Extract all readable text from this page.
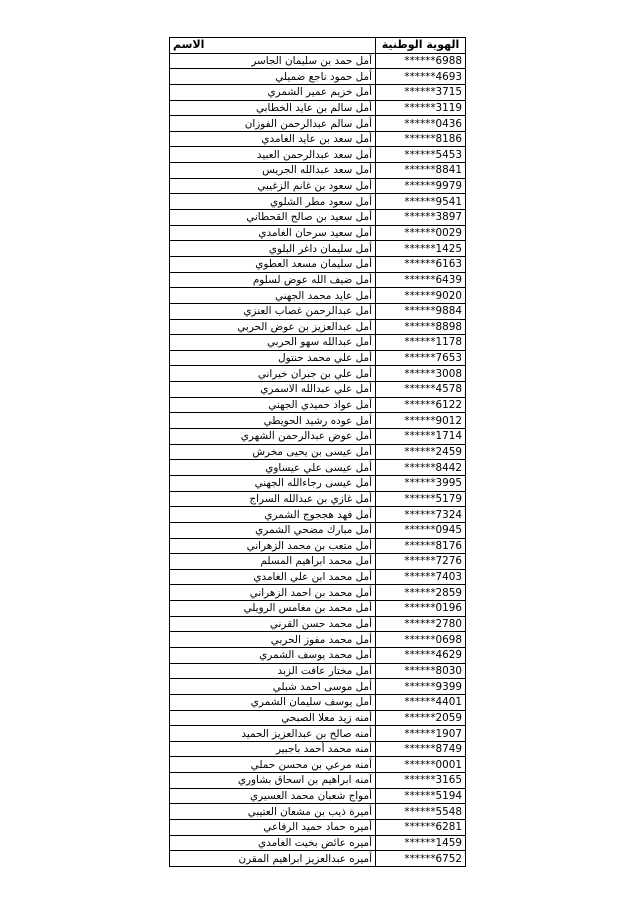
الهوية الوطنية	الاسم
******6988	أمل حمد بن سليمان الجاسر
******4693	أمل حمود ناجع ضميلي
******3715	أمل خزيم عمير الشمري
******3119	أمل سالم بن عايد الخطابي
******0436	أمل سالم عبدالرحمن الفوزان
******8186	أمل سعد بن عايد الغامدي
******5453	أمل سعد عبدالرحمن العبيد
******8841	أمل سعد عبدالله الجريس
******9979	أمل سعود بن غانم الزغيبي
******9541	أمل سعود مطر الشلوي
******3897	أمل سعيد بن صالح القحطاني
******0029	أمل سعيد سرحان الغامدي
******1425	أمل سليمان داغر البلوي
******6163	أمل سليمان مسعد العطوي
******6439	أمل ضيف الله عوض لسلوم
******9020	أمل عايد محمد الجهني
******9884	أمل عبدالرحمن غصاب العنزي
******8898	أمل عبدالعزيز بن عوض الحربي
******1178	أمل عبدالله سهو الحربي
******7653	أمل علي محمد حنتول
******3008	أمل علي بن جبران خيراني
******4578	أمل علي عبدالله الاسمري
******6122	أمل عواد حميدي الجهني
******9012	أمل عوده رشيد الحويطي
******1714	أمل عوض عبدالرحمن الشهري
******2459	أمل عيسى بن يحيى مخرش
******8442	أمل عيسى علي عيساوي
******3995	أمل عيسى رجاءالله الجهني
******5179	أمل غازي بن عبدالله السراج
******7324	أمل فهد هججوج الشمري
******0945	أمل مبارك مضحي الشمري
******8176	أمل متعب بن محمد الزهراني
******7276	أمل محمد ابراهيم المسلم
******7403	أمل محمد ابن علي الغامدي
******2859	أمل محمد بن احمد الزهراني
******0196	أمل محمد بن مغامس الرويلي
******2780	أمل محمد حسن القرني
******0698	أمل محمد مفوز الحربي
******4629	أمل محمد يوسف الشمري
******8030	أمل مختار عافت الزبد
******9399	أمل موسى احمد شبلي
******4401	أمل يوسف سليمان الشمري
******2059	أمنه زيد معلا الصبحي
******1907	أمنه صالح بن عبدالعزيز الحميد
******8749	أمنه محمد أحمد باجبير
******0001	أمنه مرعي بن محسن حملي
******3165	آمنه ابراهيم بن اسحاق بشاوري
******5194	أمواج شعبان محمد العسيري
******5548	أميرة ذيب بن مشعان العتيبي
******6281	أميره حماد حميد الرفاعي
******1459	أميره عائض بخيت الغامدي
******6752	أميره عبدالعزيز ابراهيم المقرن
